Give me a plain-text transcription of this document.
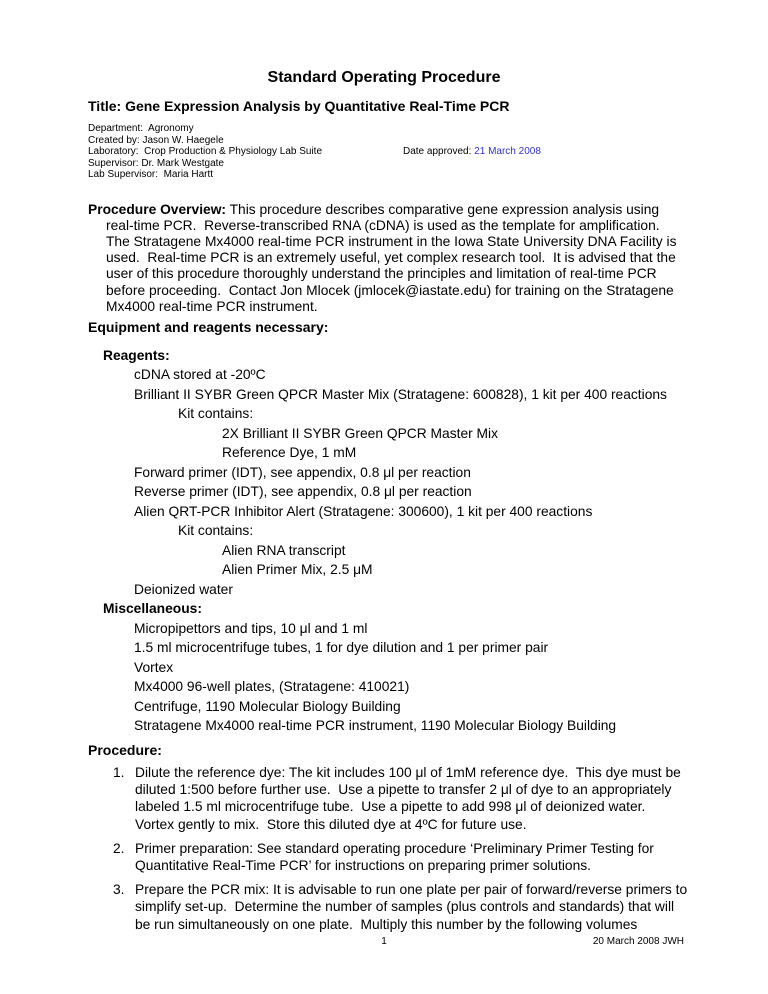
Standard Operating Procedure
Title: Gene Expression Analysis by Quantitative Real-Time PCR
Date approved: 21 March 2008
Department:  Agronomy
Created by: Jason W. Haegele
Laboratory:  Crop Production & Physiology Lab Suite
Supervisor: Dr. Mark Westgate
Lab Supervisor:  Maria Hartt

Procedure Overview: This procedure describes comparative gene expression analysis using real-time PCR.  Reverse-transcribed RNA (cDNA) is used as the template for amplification.  The Stratagene Mx4000 real-time PCR instrument in the Iowa State University DNA Facility is used.  Real-time PCR is an extremely useful, yet complex research tool.  It is advised that the user of this procedure thoroughly understand the principles and limitation of real-time PCR before proceeding.  Contact Jon Mlocek (jmlocek@iastate.edu) for training on the Stratagene Mx4000 real-time PCR instrument.

Equipment and reagents necessary:
Reagents:
cDNA stored at -20ºC
Brilliant II SYBR Green QPCR Master Mix (Stratagene: 600828), 1 kit per 400 reactions
Kit contains:
2X Brilliant II SYBR Green QPCR Master Mix
Reference Dye, 1 mM
Forward primer (IDT), see appendix, 0.8 μl per reaction
Reverse primer (IDT), see appendix, 0.8 μl per reaction
Alien QRT-PCR Inhibitor Alert (Stratagene: 300600), 1 kit per 400 reactions
Kit contains:
Alien RNA transcript
Alien Primer Mix, 2.5 μM
Deionized water
Miscellaneous:
Micropipettors and tips, 10 μl and 1 ml
1.5 ml microcentrifuge tubes, 1 for dye dilution and 1 per primer pair
Vortex
Mx4000 96-well plates, (Stratagene: 410021)
Centrifuge, 1190 Molecular Biology Building
Stratagene Mx4000 real-time PCR instrument, 1190 Molecular Biology Building
Procedure:
1. Dilute the reference dye: The kit includes 100 μl of 1mM reference dye.  This dye must be diluted 1:500 before further use.  Use a pipette to transfer 2 μl of dye to an appropriately labeled 1.5 ml microcentrifuge tube.  Use a pipette to add 998 μl of deionized water.  Vortex gently to mix.  Store this diluted dye at 4ºC for future use.
2. Primer preparation: See standard operating procedure ‘Preliminary Primer Testing for Quantitative Real-Time PCR’ for instructions on preparing primer solutions.
3. Prepare the PCR mix: It is advisable to run one plate per pair of forward/reverse primers to simplify set-up.  Determine the number of samples (plus controls and standards) that will be run simultaneously on one plate.  Multiply this number by the following volumes
1	20 March 2008 JWH
